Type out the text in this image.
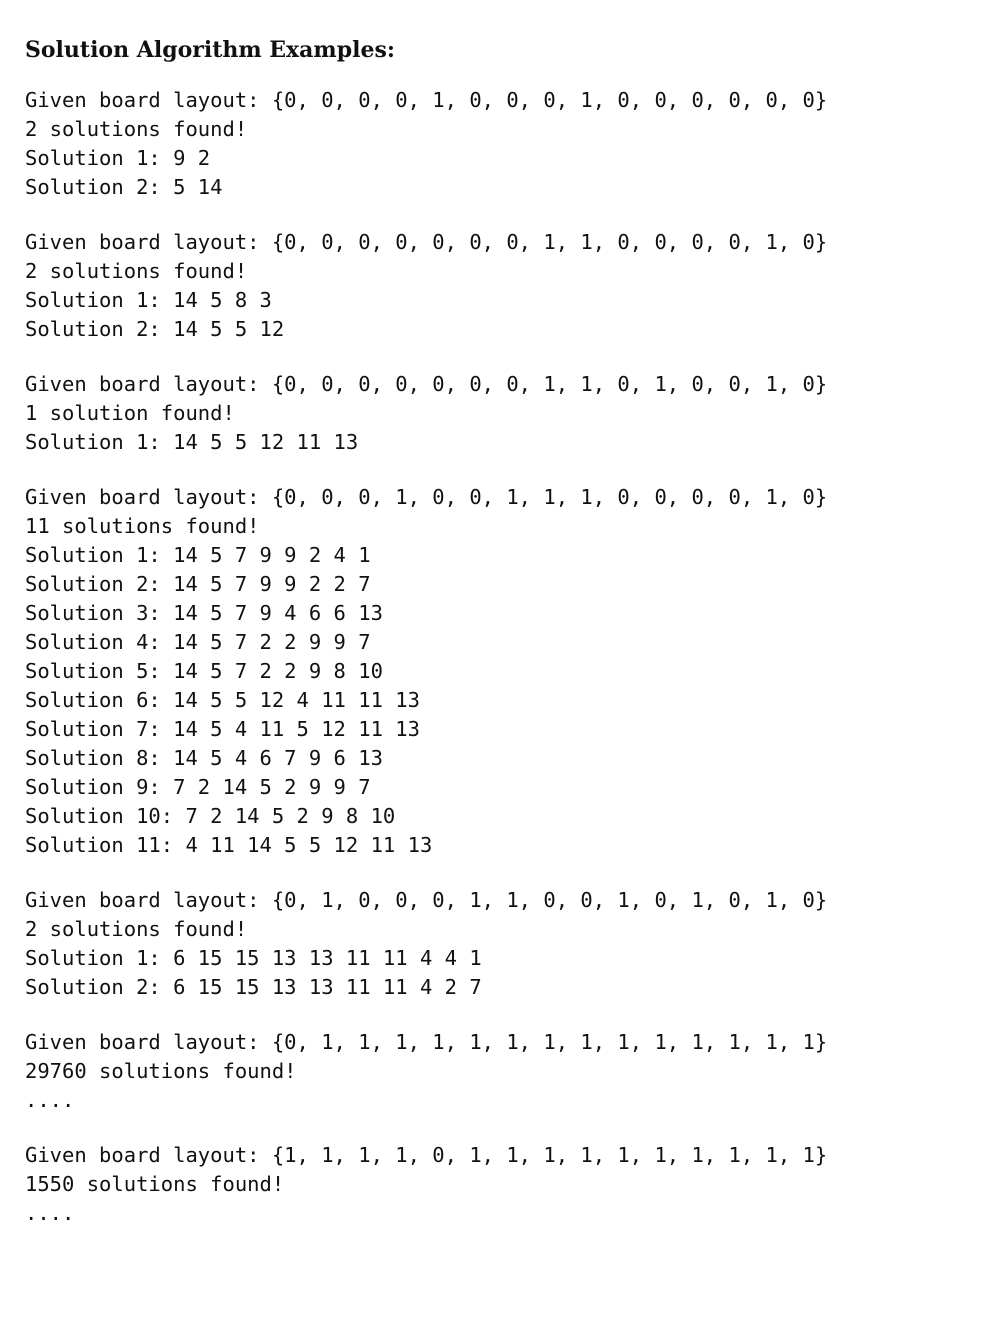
Solution Algorithm Examples:
Given board layout: {0, 0, 0, 0, 1, 0, 0, 0, 1, 0, 0, 0, 0, 0, 0}
2 solutions found!
Solution 1: 9 2
Solution 2: 5 14
Given board layout: {0, 0, 0, 0, 0, 0, 0, 1, 1, 0, 0, 0, 0, 1, 0}
2 solutions found!
Solution 1: 14 5 8 3
Solution 2: 14 5 5 12
Given board layout: {0, 0, 0, 0, 0, 0, 0, 1, 1, 0, 1, 0, 0, 1, 0}
1 solution found!
Solution 1: 14 5 5 12 11 13
Given board layout: {0, 0, 0, 1, 0, 0, 1, 1, 1, 0, 0, 0, 0, 1, 0}
11 solutions found!
Solution 1: 14 5 7 9 9 2 4 1
Solution 2: 14 5 7 9 9 2 2 7
Solution 3: 14 5 7 9 4 6 6 13
Solution 4: 14 5 7 2 2 9 9 7
Solution 5: 14 5 7 2 2 9 8 10
Solution 6: 14 5 5 12 4 11 11 13
Solution 7: 14 5 4 11 5 12 11 13
Solution 8: 14 5 4 6 7 9 6 13
Solution 9: 7 2 14 5 2 9 9 7
Solution 10: 7 2 14 5 2 9 8 10
Solution 11: 4 11 14 5 5 12 11 13
Given board layout: {0, 1, 0, 0, 0, 1, 1, 0, 0, 1, 0, 1, 0, 1, 0}
2 solutions found!
Solution 1: 6 15 15 13 13 11 11 4 4 1
Solution 2: 6 15 15 13 13 11 11 4 2 7
Given board layout: {0, 1, 1, 1, 1, 1, 1, 1, 1, 1, 1, 1, 1, 1, 1}
29760 solutions found!
....
Given board layout: {1, 1, 1, 1, 0, 1, 1, 1, 1, 1, 1, 1, 1, 1, 1}
1550 solutions found!
....
